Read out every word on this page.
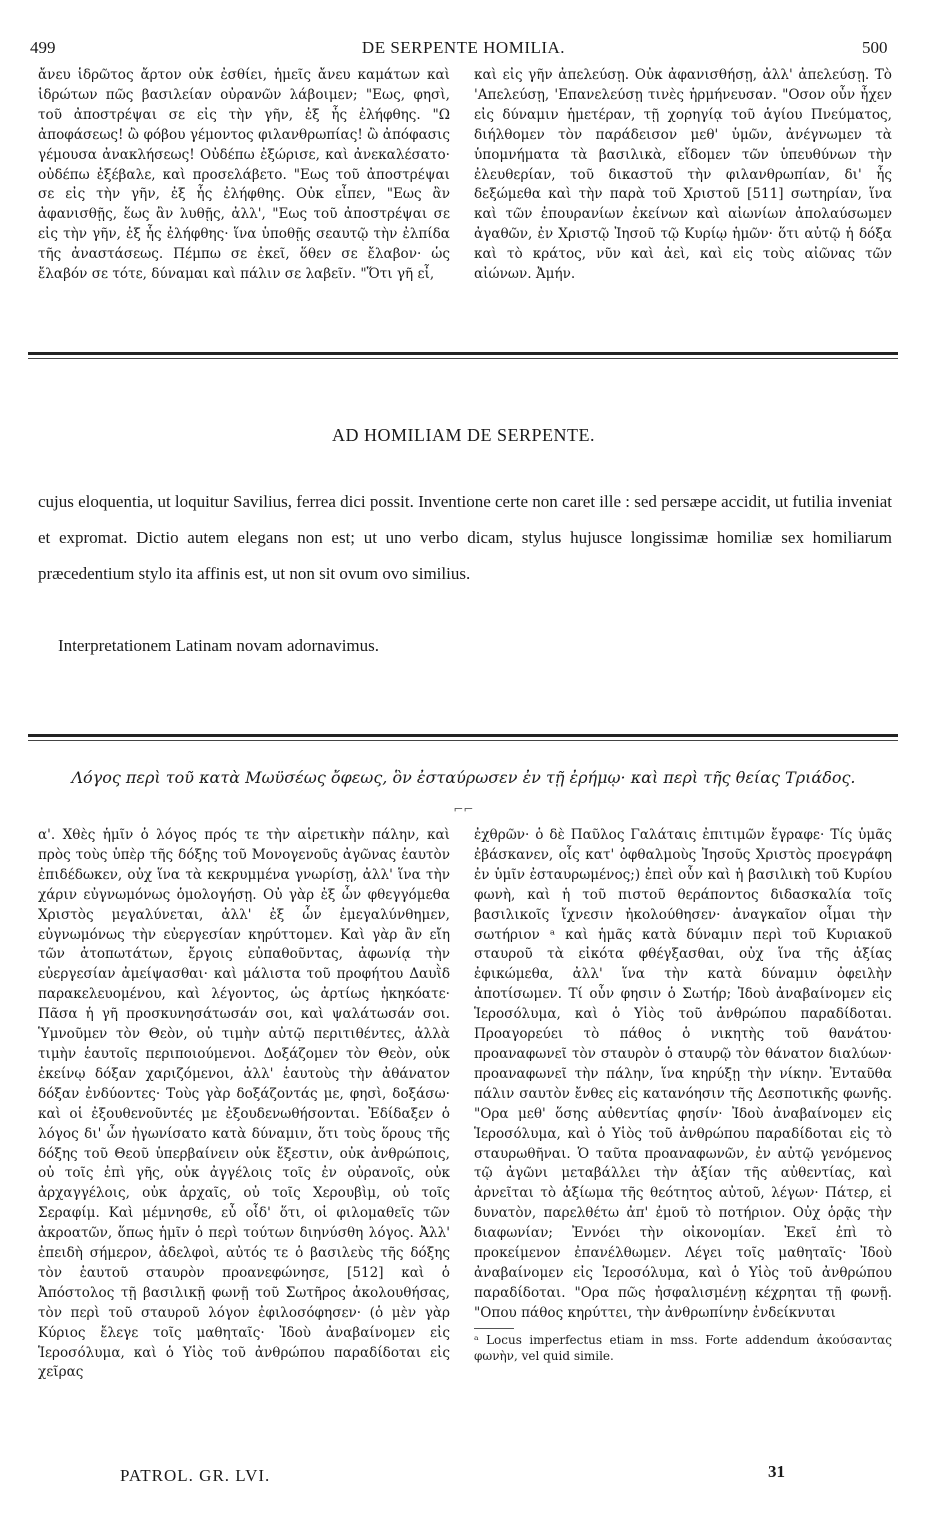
499	DE SERPENTE HOMILIA.	500

ἄνευ ἱδρῶτος ἄρτον οὐκ ἐσθίει, ἡμεῖς ἄνευ καμάτων καὶ ἱδρώτων πῶς βασιλείαν οὐρανῶν λάβοιμεν; "Εως, φησὶ, τοῦ ἀποστρέψαι σε εἰς τὴν γῆν, ἐξ ἧς ἐλήφθης. "Ω ἀποφάσεως! ὢ φόβου γέμοντος φιλανθρωπίας! ὢ ἀπόφασις γέμουσα ἀνακλήσεως! Οὐδέπω ἐξώρισε, καὶ ἀνεκαλέσατο· οὐδέπω ἐξέβαλε, καὶ προσελάβετο. "Εως τοῦ ἀποστρέψαι σε εἰς τὴν γῆν, ἐξ ἧς ἐλήφθης. Οὐκ εἶπεν, "Εως ἂν ἀφανισθῇς, ἕως ἂν λυθῇς, ἀλλ', "Εως τοῦ ἀποστρέψαι σε εἰς τὴν γῆν, ἐξ ἧς ἐλήφθης· ἵνα ὑποθῇς σεαυτῷ τὴν ἐλπίδα τῆς ἀναστάσεως. Πέμπω σε ἐκεῖ, ὅθεν σε ἔλαβον· ὡς ἔλαβόν σε τότε, δύναμαι καὶ πάλιν σε λαβεῖν. "Ὅτι γῆ εἶ,

καὶ εἰς γῆν ἀπελεύσῃ. Οὐκ ἀφανισθήσῃ, ἀλλ' ἀπελεύσῃ. Τὸ 'Απελεύσῃ, 'Επανελεύσῃ τινὲς ἡρμήνευσαν. "Οσον οὖν ἦχεν εἰς δύναμιν ἡμετέραν, τῇ χορηγίᾳ τοῦ ἁγίου Πνεύματος, διήλθομεν τὸν παράδεισον μεθ' ὑμῶν, ἀνέγνωμεν τὰ ὑπομνήματα τὰ βασιλικὰ, εἴδομεν τῶν ὑπευθύνων τὴν ἐλευθερίαν, τοῦ δικαστοῦ τὴν φιλανθρωπίαν, δι' ἧς δεξώμεθα καὶ τὴν παρὰ τοῦ Χριστοῦ [511] σωτηρίαν, ἵνα καὶ τῶν ἐπουρανίων ἐκείνων καὶ αἰωνίων ἀπολαύσωμεν ἀγαθῶν, ἐν Χριστῷ Ἰησοῦ τῷ Κυρίῳ ἡμῶν· ὅτι αὐτῷ ἡ δόξα καὶ τὸ κράτος, νῦν καὶ ἀεὶ, καὶ εἰς τοὺς αἰῶνας τῶν αἰώνων. Ἀμήν.

AD HOMILIAM DE SERPENTE.

cujus eloquentia, ut loquitur Savilius, ferrea dici possit. Inventione certe non caret ille : sed persæpe accidit, ut futilia inveniat et expromat. Dictio autem elegans non est; ut uno verbo dicam, stylus hujusce longissimæ homiliæ sex homiliarum præcedentium stylo ita affinis est, ut non sit ovum ovo similius.

Interpretationem Latinam novam adornavimus.
Λόγος περὶ τοῦ κατὰ Μωϋσέως ὄφεως, ὃν ἐσταύρωσεν ἐν τῇ ἐρήμῳ· καὶ περὶ τῆς θείας Τριάδος.
⌐⌐

α'. Χθὲς ἡμῖν ὁ λόγος πρός τε τὴν αἱρετικὴν πάλην, καὶ πρὸς τοὺς ὑπὲρ τῆς δόξης τοῦ Μονογενοῦς ἀγῶνας ἑαυτὸν ἐπιδέδωκεν, οὐχ ἵνα τὰ κεκρυμμένα γνωρίσῃ, ἀλλ' ἵνα τὴν χάριν εὐγνωμόνως ὁμολογήσῃ. Οὐ γὰρ ἐξ ὧν φθεγγόμεθα Χριστὸς μεγαλύνεται, ἀλλ' ἐξ ὧν ἐμεγαλύνθημεν, εὐγνωμόνως τὴν εὐεργεσίαν κηρύττομεν. Καὶ γὰρ ἂν εἴη τῶν ἀτοπωτάτων, ἔργοις εὐπαθοῦντας, ἀφωνίᾳ τὴν εὐεργεσίαν ἀμείψασθαι· καὶ μάλιστα τοῦ προφήτου Δαυῒδ παρακελευομένου, καὶ λέγοντος, ὡς ἀρτίως ἠκηκόατε· Πᾶσα ἡ γῆ προσκυνησάτωσάν σοι, καὶ ψαλάτωσάν σοι. Ὑμνοῦμεν τὸν Θεὸν, οὐ τιμὴν αὐτῷ περιτιθέντες, ἀλλὰ τιμὴν ἑαυτοῖς περιποιούμενοι. Δοξάζομεν τὸν Θεὸν, οὐκ ἐκείνῳ δόξαν χαριζόμενοι, ἀλλ' ἑαυτοὺς τὴν ἀθάνατον δόξαν ἐνδύοντες· Τοὺς γὰρ δοξάζοντάς με, φησὶ, δοξάσω· καὶ οἱ ἐξουθενοῦντές με ἐξουδενωθήσονται. Ἐδίδαξεν ὁ λόγος δι' ὧν ἠγωνίσατο κατὰ δύναμιν, ὅτι τοὺς ὅρους τῆς δόξης τοῦ Θεοῦ ὑπερβαίνειν οὐκ ἔξεστιν, οὐκ ἀνθρώποις, οὐ τοῖς ἐπὶ γῆς, οὐκ ἀγγέλοις τοῖς ἐν οὐρανοῖς, οὐκ ἀρχαγγέλοις, οὐκ ἀρχαῖς, οὐ τοῖς Χερουβὶμ, οὐ τοῖς Σεραφίμ. Καὶ μέμνησθε, εὖ οἶδ' ὅτι, οἱ φιλομαθεῖς τῶν ἀκροατῶν, ὅπως ἡμῖν ὁ περὶ τούτων διηνύσθη λόγος. Ἀλλ' ἐπειδὴ σήμερον, ἀδελφοὶ, αὐτός τε ὁ βασιλεὺς τῆς δόξης τὸν ἑαυτοῦ σταυρὸν προανεφώνησε, [512] καὶ ὁ Ἀπόστολος τῇ βασιλικῇ φωνῇ τοῦ Σωτῆρος ἀκολουθήσας, τὸν περὶ τοῦ σταυροῦ λόγον ἐφιλοσόφησεν· (ὁ μὲν γὰρ Κύριος ἔλεγε τοῖς μαθηταῖς· Ἰδοὺ ἀναβαίνομεν εἰς Ἱεροσόλυμα, καὶ ὁ Υἱὸς τοῦ ἀνθρώπου παραδίδοται εἰς χεῖρας

ἐχθρῶν· ὁ δὲ Παῦλος Γαλάταις ἐπιτιμῶν ἔγραφε· Τίς ὑμᾶς ἐβάσκανεν, οἷς κατ' ὀφθαλμοὺς Ἰησοῦς Χριστὸς προεγράφη ἐν ὑμῖν ἐσταυρωμένος;) ἐπεὶ οὖν καὶ ἡ βασιλικὴ τοῦ Κυρίου φωνὴ, καὶ ἡ τοῦ πιστοῦ θεράποντος διδασκαλία τοῖς βασιλικοῖς ἴχνεσιν ἠκολούθησεν· ἀναγκαῖον οἶμαι τὴν σωτήριον ᵃ καὶ ἡμᾶς κατὰ δύναμιν περὶ τοῦ Κυριακοῦ σταυροῦ τὰ εἰκότα φθέγξασθαι, οὐχ ἵνα τῆς ἀξίας ἐφικώμεθα, ἀλλ' ἵνα τὴν κατὰ δύναμιν ὀφειλὴν ἀποτίσωμεν. Τί οὖν φησιν ὁ Σωτήρ; Ἰδοὺ ἀναβαίνομεν εἰς Ἱεροσόλυμα, καὶ ὁ Υἱὸς τοῦ ἀνθρώπου παραδίδοται. Προαγορεύει τὸ πάθος ὁ νικητὴς τοῦ θανάτου· προαναφωνεῖ τὸν σταυρὸν ὁ σταυρῷ τὸν θάνατον διαλύων· προαναφωνεῖ τὴν πάλην, ἵνα κηρύξῃ τὴν νίκην. Ἐνταῦθα πάλιν σαυτὸν ἔνθες εἰς κατανόησιν τῆς Δεσποτικῆς φωνῆς. "Ορα μεθ' ὅσης αὐθεντίας φησίν· Ἰδοὺ ἀναβαίνομεν εἰς Ἱεροσόλυμα, καὶ ὁ Υἱὸς τοῦ ἀνθρώπου παραδίδοται εἰς τὸ σταυρωθῆναι. Ὁ ταῦτα προαναφωνῶν, ἐν αὐτῷ γενόμενος τῷ ἀγῶνι μεταβάλλει τὴν ἀξίαν τῆς αὐθεντίας, καὶ ἀρνεῖται τὸ ἀξίωμα τῆς θεότητος αὐτοῦ, λέγων· Πάτερ, εἰ δυνατὸν, παρελθέτω ἀπ' ἐμοῦ τὸ ποτήριον. Οὐχ ὁρᾷς τὴν διαφωνίαν; Ἐννόει τὴν οἰκονομίαν. Ἐκεῖ ἐπὶ τὸ προκείμενον ἐπανέλθωμεν. Λέγει τοῖς μαθηταῖς· Ἰδοὺ ἀναβαίνομεν εἰς Ἱεροσόλυμα, καὶ ὁ Υἱὸς τοῦ ἀνθρώπου παραδίδοται. "Ορα πῶς ἠσφαλισμένῃ κέχρηται τῇ φωνῇ. "Οπου πάθος κηρύττει, τὴν ἀνθρωπίνην ἐνδείκνυται

ᵃ Locus imperfectus etiam in mss. Forte addendum ἀκούσαντας φωνὴν, vel quid simile.

PATROL. GR. LVI.	31
